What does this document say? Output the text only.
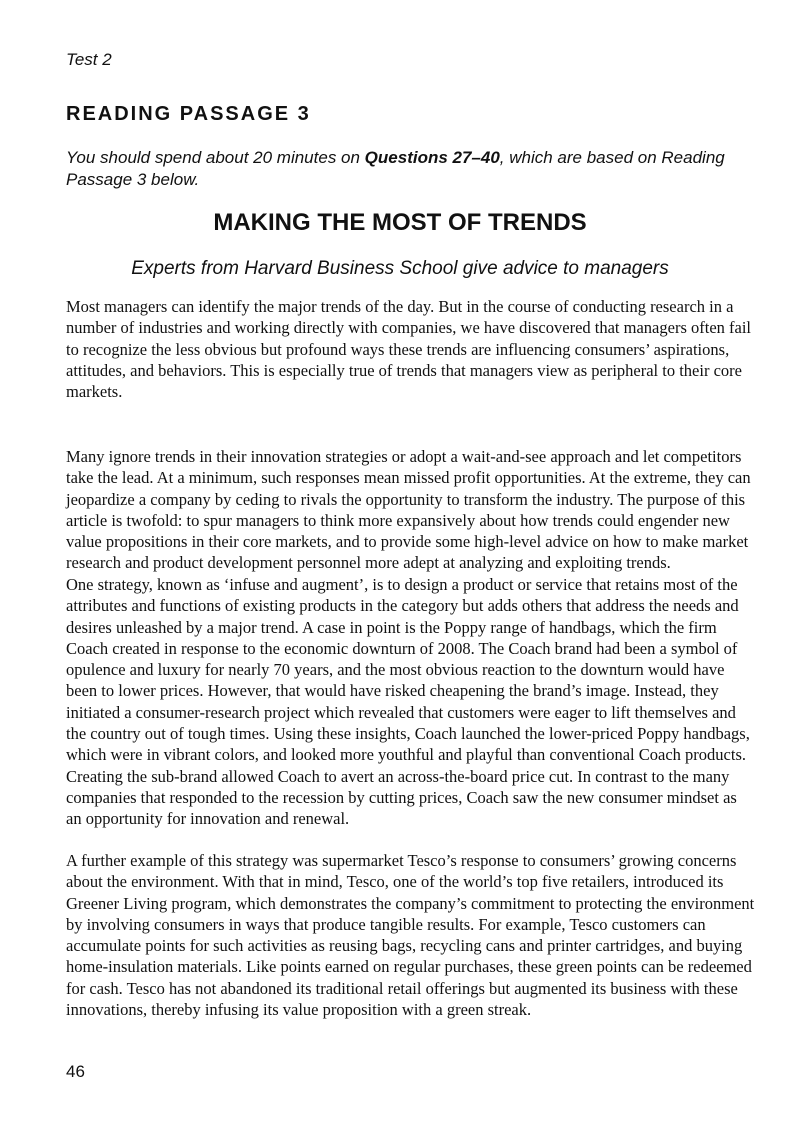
Test 2
READING PASSAGE 3
You should spend about 20 minutes on Questions 27–40, which are based on Reading Passage 3 below.
MAKING THE MOST OF TRENDS
Experts from Harvard Business School give advice to managers

Most managers can identify the major trends of the day. But in the course of conducting research in a number of industries and working directly with companies, we have discovered that managers often fail to recognize the less obvious but profound ways these trends are influencing consumers’ aspirations, attitudes, and behaviors. This is especially true of trends that managers view as peripheral to their core markets.

Many ignore trends in their innovation strategies or adopt a wait-and-see approach and let competitors take the lead. At a minimum, such responses mean missed profit opportunities. At the extreme, they can jeopardize a company by ceding to rivals the opportunity to transform the industry. The purpose of this article is twofold: to spur managers to think more expansively about how trends could engender new value propositions in their core markets, and to provide some high-level advice on how to make market research and product development personnel more adept at analyzing and exploiting trends.

One strategy, known as ‘infuse and augment’, is to design a product or service that retains most of the attributes and functions of existing products in the category but adds others that address the needs and desires unleashed by a major trend. A case in point is the Poppy range of handbags, which the firm Coach created in response to the economic downturn of 2008. The Coach brand had been a symbol of opulence and luxury for nearly 70 years, and the most obvious reaction to the downturn would have been to lower prices. However, that would have risked cheapening the brand’s image. Instead, they initiated a consumer-research project which revealed that customers were eager to lift themselves and the country out of tough times. Using these insights, Coach launched the lower-priced Poppy handbags, which were in vibrant colors, and looked more youthful and playful than conventional Coach products. Creating the sub-brand allowed Coach to avert an across-the-board price cut. In contrast to the many companies that responded to the recession by cutting prices, Coach saw the new consumer mindset as an opportunity for innovation and renewal.

A further example of this strategy was supermarket Tesco’s response to consumers’ growing concerns about the environment. With that in mind, Tesco, one of the world’s top five retailers, introduced its Greener Living program, which demonstrates the company’s commitment to protecting the environment by involving consumers in ways that produce tangible results. For example, Tesco customers can accumulate points for such activities as reusing bags, recycling cans and printer cartridges, and buying home-insulation materials. Like points earned on regular purchases, these green points can be redeemed for cash. Tesco has not abandoned its traditional retail offerings but augmented its business with these innovations, thereby infusing its value proposition with a green streak.

46
